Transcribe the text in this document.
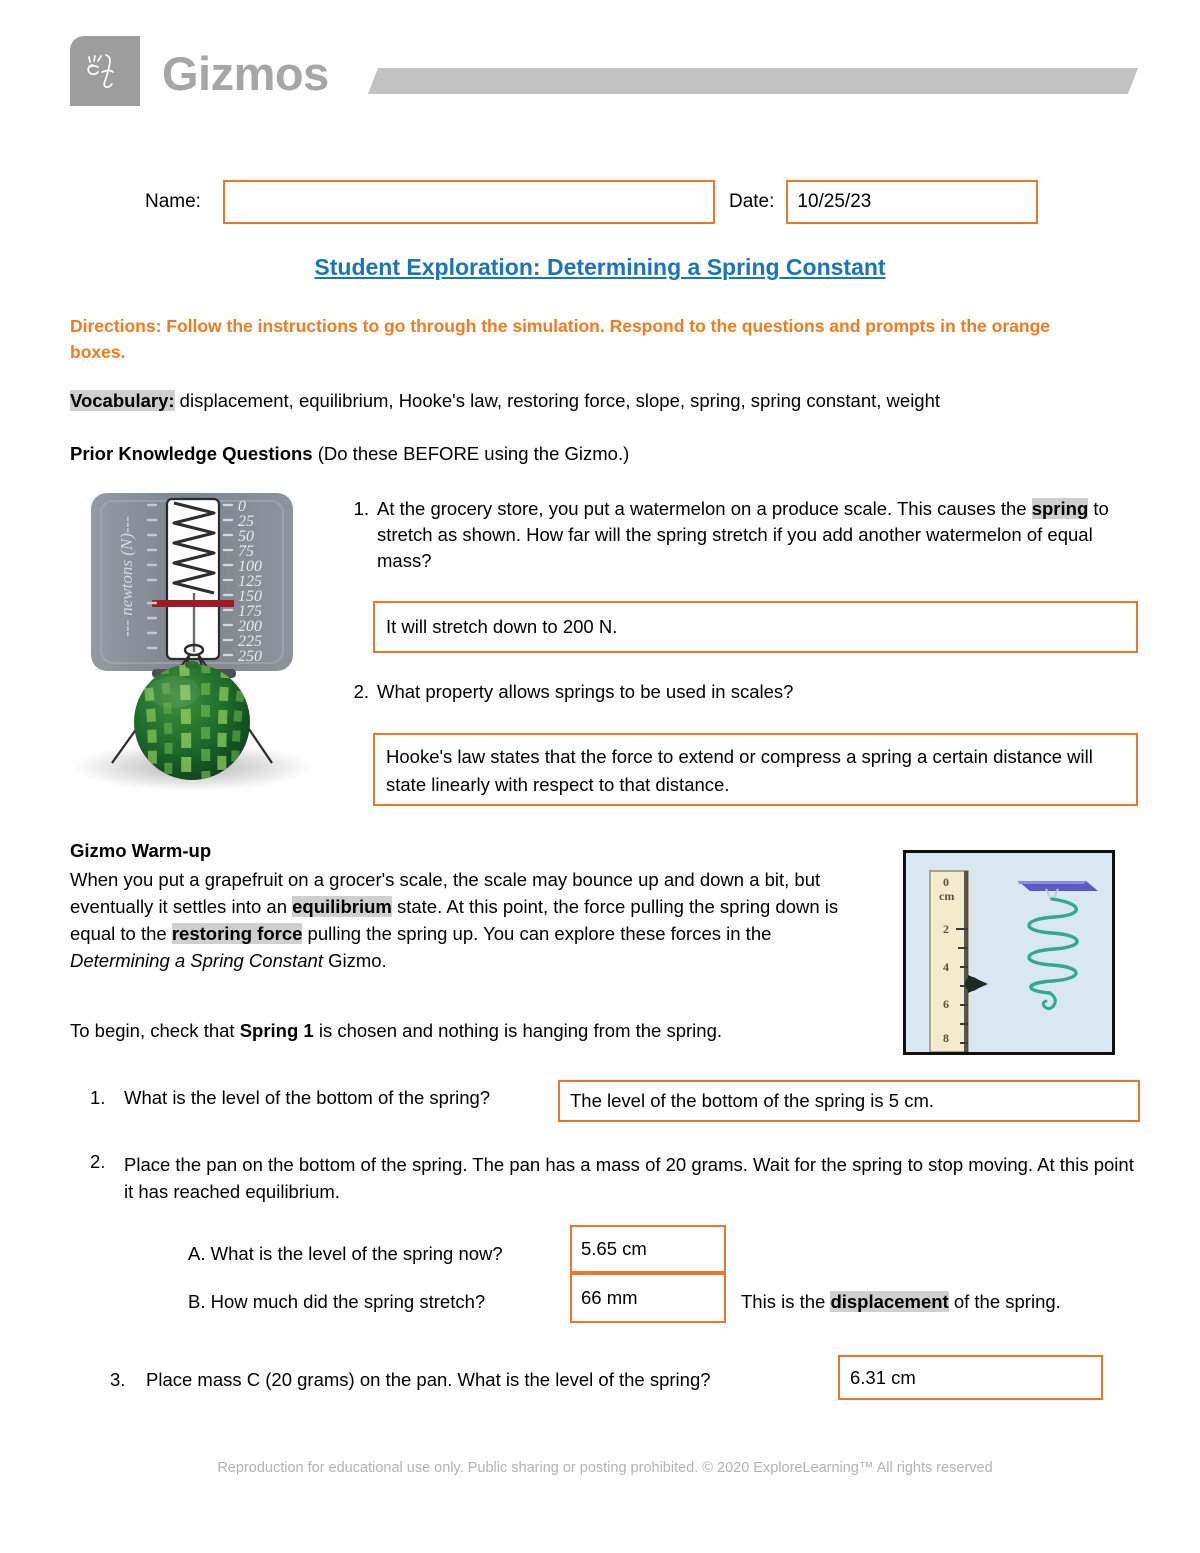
Gizmos
Name:	Date:	10/25/23
Student Exploration: Determining a Spring Constant
Directions: Follow the instructions to go through the simulation. Respond to the questions and prompts in the orange boxes.
Vocabulary: displacement, equilibrium, Hooke's law, restoring force, slope, spring, spring constant, weight
Prior Knowledge Questions (Do these BEFORE using the Gizmo.)
--- newtons (N)---
0
25
50
75
100
125
150
175
200
225
250
1. At the grocery store, you put a watermelon on a produce scale. This causes the spring to stretch as shown. How far will the spring stretch if you add another watermelon of equal mass?
It will stretch down to 200 N.
2. What property allows springs to be used in scales?
Hooke's law states that the force to extend or compress a spring a certain distance will state linearly with respect to that distance.
Gizmo Warm-up
When you put a grapefruit on a grocer's scale, the scale may bounce up and down a bit, but eventually it settles into an equilibrium state. At this point, the force pulling the spring down is equal to the restoring force pulling the spring up. You can explore these forces in the Determining a Spring Constant Gizmo.
To begin, check that Spring 1 is chosen and nothing is hanging from the spring.
0
cm
2
4
6
8
1. What is the level of the bottom of the spring?	The level of the bottom of the spring is 5 cm.
2. Place the pan on the bottom of the spring. The pan has a mass of 20 grams. Wait for the spring to stop moving. At this point it has reached equilibrium.
A. What is the level of the spring now?	5.65 cm
B. How much did the spring stretch?	66 mm	This is the displacement of the spring.
3. Place mass C (20 grams) on the pan. What is the level of the spring?	6.31 cm
Reproduction for educational use only. Public sharing or posting prohibited. © 2020 ExploreLearning™ All rights reserved
